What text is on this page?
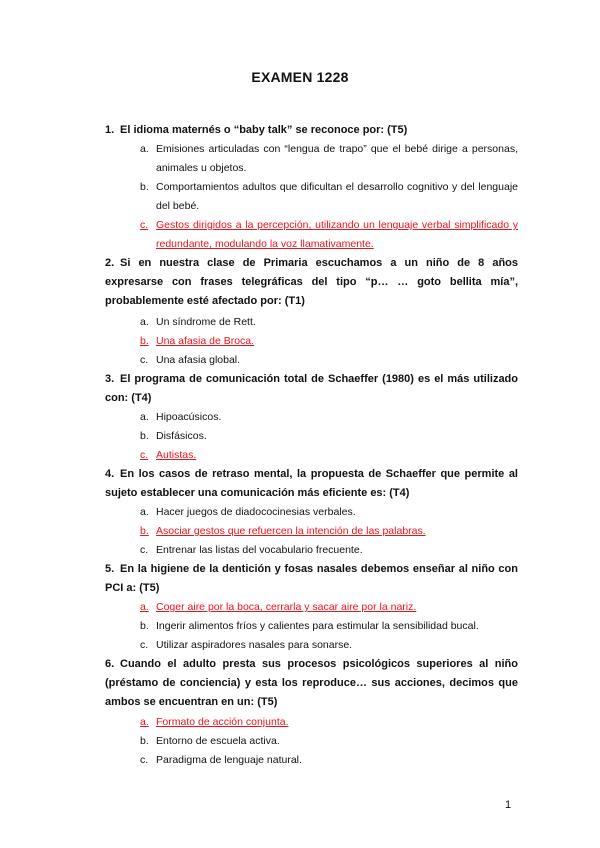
EXAMEN 1228
1. El idioma maternés o “baby talk” se reconoce por: (T5)
a. Emisiones articuladas con “lengua de trapo” que el bebé dirige a personas, animales u objetos.
b. Comportamientos adultos que dificultan el desarrollo cognitivo y del lenguaje del bebé.
c. Gestos dirigidos a la percepción, utilizando un lenguaje verbal simplificado y redundante, modulando la voz llamativamente.
2. Si en nuestra clase de Primaria escuchamos a un niño de 8 años expresarse con frases telegráficas del tipo “p… … goto bellita mía”, probablemente esté afectado por: (T1)
a. Un síndrome de Rett.
b. Una afasia de Broca.
c. Una afasia global.
3. El programa de comunicación total de Schaeffer (1980) es el más utilizado con: (T4)
a. Hipoacúsicos.
b. Disfásicos.
c. Autistas.
4. En los casos de retraso mental, la propuesta de Schaeffer que permite al sujeto establecer una comunicación más eficiente es: (T4)
a. Hacer juegos de diadococinesias verbales.
b. Asociar gestos que refuercen la intención de las palabras.
c. Entrenar las listas del vocabulario frecuente.
5. En la higiene de la dentición y fosas nasales debemos enseñar al niño con PCI a: (T5)
a. Coger aire por la boca, cerrarla y sacar aire por la nariz.
b. Ingerir alimentos fríos y calientes para estimular la sensibilidad bucal.
c. Utilizar aspiradores nasales para sonarse.
6. Cuando el adulto presta sus procesos psicológicos superiores al niño (préstamo de conciencia) y esta los reproduce… sus acciones, decimos que ambos se encuentran en un: (T5)
a. Formato de acción conjunta.
b. Entorno de escuela activa.
c. Paradigma de lenguaje natural.
1
